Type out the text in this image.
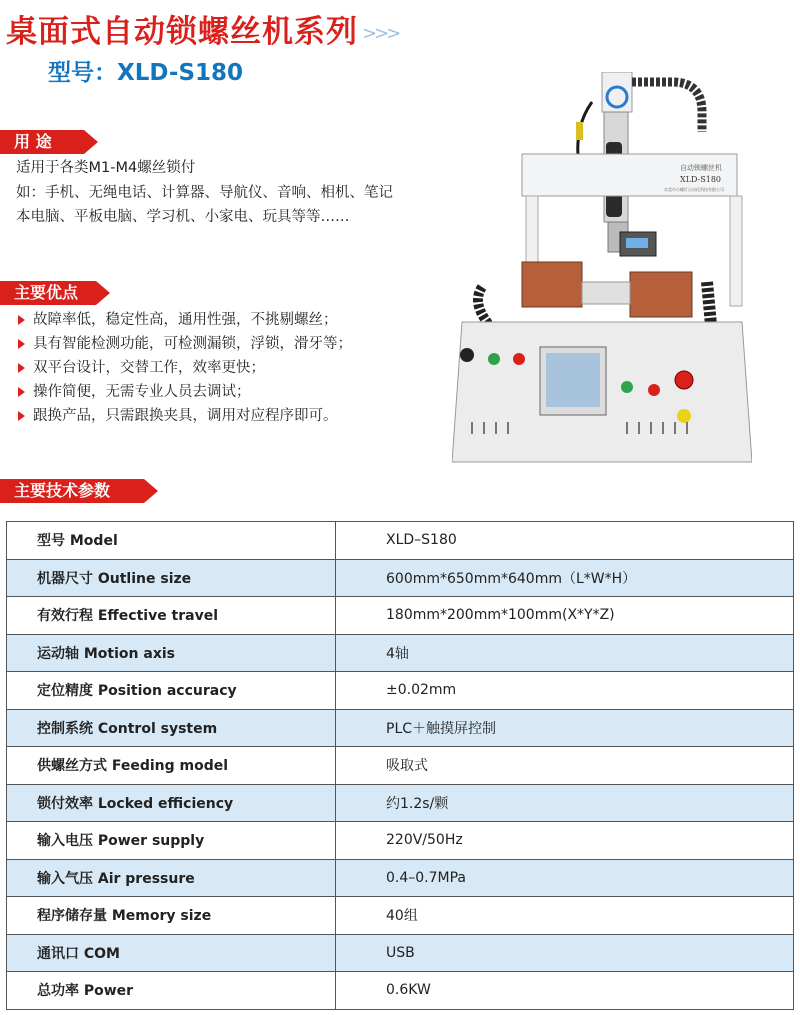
桌面式自动锁螺丝机系列 >>>
型号：XLD-S180
用 途
适用于各类M1-M4螺丝锁付
如：手机、无绳电话、计算器、导航仪、音响、相机、笔记
本电脑、平板电脑、学习机、小家电、玩具等等……
主要优点
故障率低，稳定性高，通用性强，不挑剔螺丝；
具有智能检测功能，可检测漏锁，浮锁，滑牙等；
双平台设计，交替工作，效率更快；
操作简便，无需专业人员去调试；
跟换产品，只需跟换夹具，调用对应程序即可。
自动锁螺丝机
XLD-S180
东莞市小螺钉自动化科技有限公司
主要技术参数
型号 Model	XLD–S180
机器尺寸 Outline size	600mm*650mm*640mm（L*W*H）
有效行程 Effective travel	180mm*200mm*100mm(X*Y*Z)
运动轴 Motion axis	4轴
定位精度 Position accuracy	±0.02mm
控制系统 Control system	PLC＋触摸屏控制
供螺丝方式 Feeding model	吸取式
锁付效率 Locked efficiency	约1.2s/颗
输入电压 Power supply	220V/50Hz
输入气压 Air pressure	0.4–0.7MPa
程序储存量 Memory size	40组
通讯口 COM	USB
总功率 Power	0.6KW
